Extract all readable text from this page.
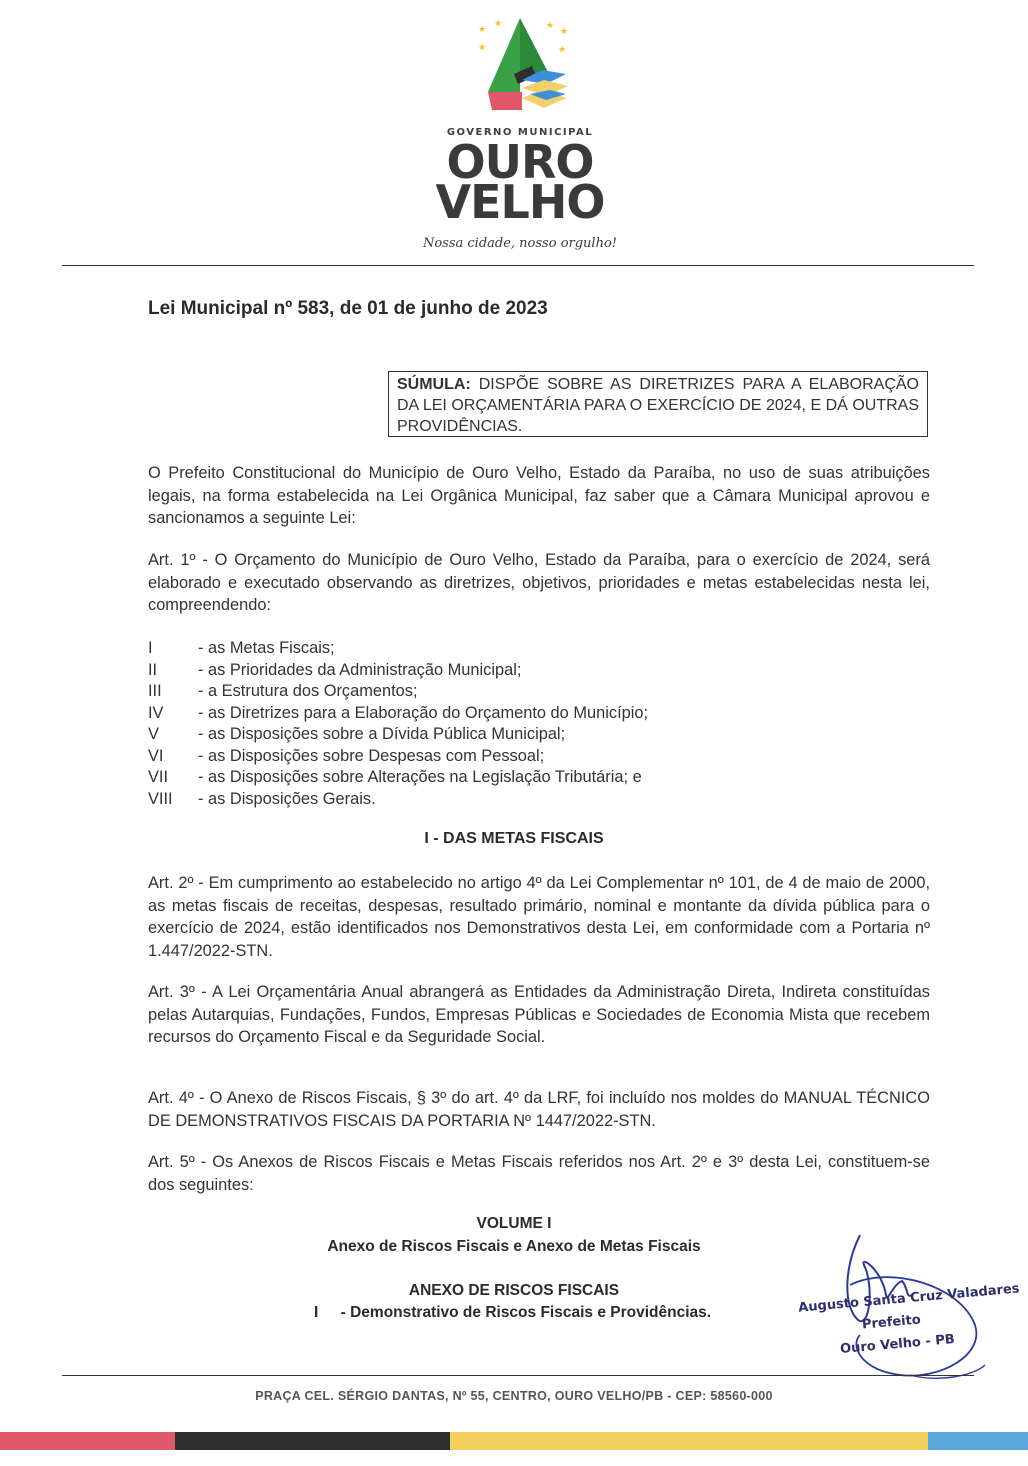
★
★
★
★
★
★
GOVERNO MUNICIPAL
OURO
VELHO
Nossa cidade, nosso orgulho!
Lei Municipal nº 583, de 01 de junho de 2023
SÚMULA: DISPÕE SOBRE AS DIRETRIZES PARA A ELABORAÇÃO DA LEI ORÇAMENTÁRIA PARA O EXERCÍCIO DE 2024, E DÁ OUTRAS PROVIDÊNCIAS.
O Prefeito Constitucional do Município de Ouro Velho, Estado da Paraíba, no uso de suas atribuições legais, na forma estabelecida na Lei Orgânica Municipal, faz saber que a Câmara Municipal aprovou e sancionamos a seguinte Lei:
Art. 1º - O Orçamento do Município de Ouro Velho, Estado da Paraíba, para o exercício de 2024, será elaborado e executado observando as diretrizes, objetivos, prioridades e metas estabelecidas nesta lei, compreendendo:
I	- as Metas Fiscais;
II	- as Prioridades da Administração Municipal;
III	- a Estrutura dos Orçamentos;
IV	- as Diretrizes para a Elaboração do Orçamento do Município;
V	- as Disposições sobre a Dívida Pública Municipal;
VI	- as Disposições sobre Despesas com Pessoal;
VII	- as Disposições sobre Alterações na Legislação Tributária; e
VIII	- as Disposições Gerais.
I - DAS METAS FISCAIS
Art. 2º - Em cumprimento ao estabelecido no artigo 4º da Lei Complementar nº 101, de 4 de maio de 2000, as metas fiscais de receitas, despesas, resultado primário, nominal e montante da dívida pública para o exercício de 2024, estão identificados nos Demonstrativos desta Lei, em conformidade com a Portaria nº 1.447/2022-STN.
Art. 3º - A Lei Orçamentária Anual abrangerá as Entidades da Administração Direta, Indireta constituídas pelas Autarquias, Fundações, Fundos, Empresas Públicas e Sociedades de Economia Mista que recebem recursos do Orçamento Fiscal e da Seguridade Social.
Art. 4º - O Anexo de Riscos Fiscais, § 3º do art. 4º da LRF, foi incluído nos moldes do MANUAL TÉCNICO DE DEMONSTRATIVOS FISCAIS DA PORTARIA Nº 1447/2022-STN.
Art. 5º - Os Anexos de Riscos Fiscais e Metas Fiscais referidos nos Art. 2º e 3º desta Lei, constituem-se dos seguintes:
VOLUME I
Anexo de Riscos Fiscais e Anexo de Metas Fiscais
ANEXO DE RISCOS FISCAIS
I - Demonstrativo de Riscos Fiscais e Providências.	Augusto Santa Cruz Valadares
Prefeito
Ouro Velho - PB
PRAÇA CEL. SÉRGIO DANTAS, Nº 55, CENTRO, OURO VELHO/PB - CEP: 58560-000
